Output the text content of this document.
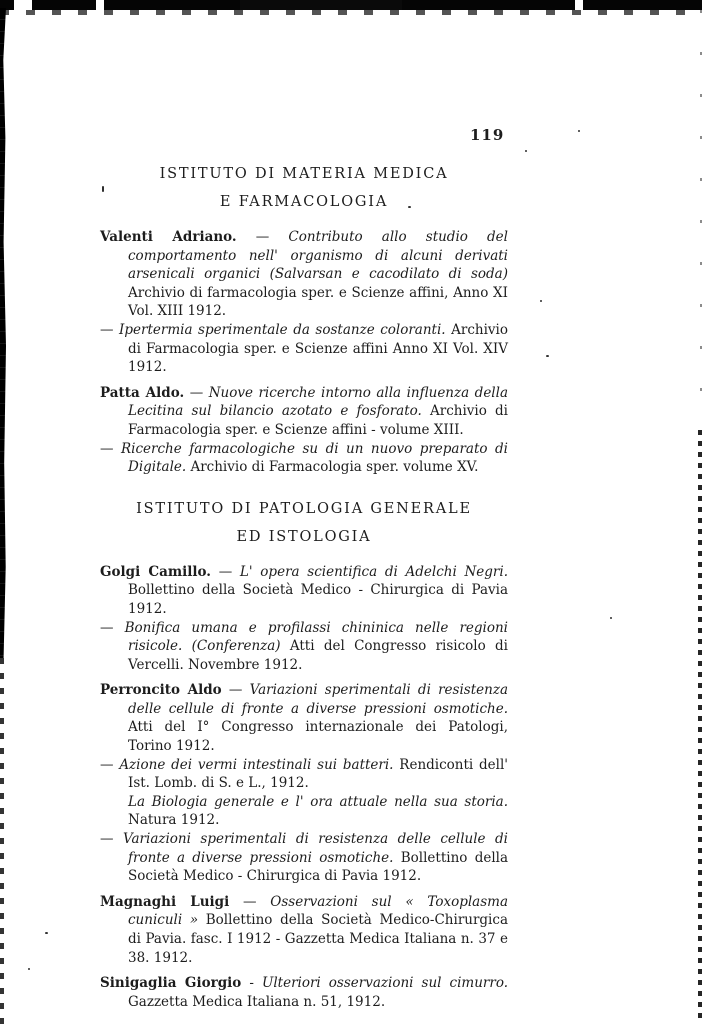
119
ISTITUTO DI MATERIA MEDICA
E FARMACOLOGIA

Valenti Adriano. — Contributo allo studio del comportamento nell' organismo di alcuni derivati arsenicali organici (Salvarsan e cacodilato di soda) Archivio di farmacologia sper. e Scienze affini, Anno XI Vol. XIII 1912.

— Ipertermia sperimentale da sostanze coloranti. Archivio di Farmacologia sper. e Scienze affini Anno XI Vol. XIV 1912.

Patta Aldo. — Nuove ricerche intorno alla influenza della Lecitina sul bilancio azotato e fosforato. Archivio di Farmacologia sper. e Scienze affini - volume XIII.

— Ricerche farmacologiche su di un nuovo preparato di Digitale. Archivio di Farmacologia sper. volume XV.

ISTITUTO DI PATOLOGIA GENERALE
ED ISTOLOGIA

Golgi Camillo. — L' opera scientifica di Adelchi Negri. Bollettino della Società Medico - Chirurgica di Pavia 1912.

— Bonifica umana e profilassi chininica nelle regioni risicole. (Conferenza) Atti del Congresso risicolo di Vercelli. Novembre 1912.

Perroncito Aldo — Variazioni sperimentali di resistenza delle cellule di fronte a diverse pressioni osmotiche. Atti del I° Congresso internazionale dei Patologi, Torino 1912.

— Azione dei vermi intestinali sui batteri. Rendiconti dell' Ist. Lomb. di S. e L., 1912.

La Biologia generale e l' ora attuale nella sua storia. Natura 1912.

— Variazioni sperimentali di resistenza delle cellule di fronte a diverse pressioni osmotiche. Bollettino della Società Medico - Chirurgica di Pavia 1912.

Magnaghi Luigi — Osservazioni sul « Toxoplasma cuniculi » Bollettino della Società Medico-Chirurgica di Pavia. fasc. I 1912 - Gazzetta Medica Italiana n. 37 e 38. 1912.

Sinigaglia Giorgio - Ulteriori osservazioni sul cimurro. Gazzetta Medica Italiana n. 51, 1912.
